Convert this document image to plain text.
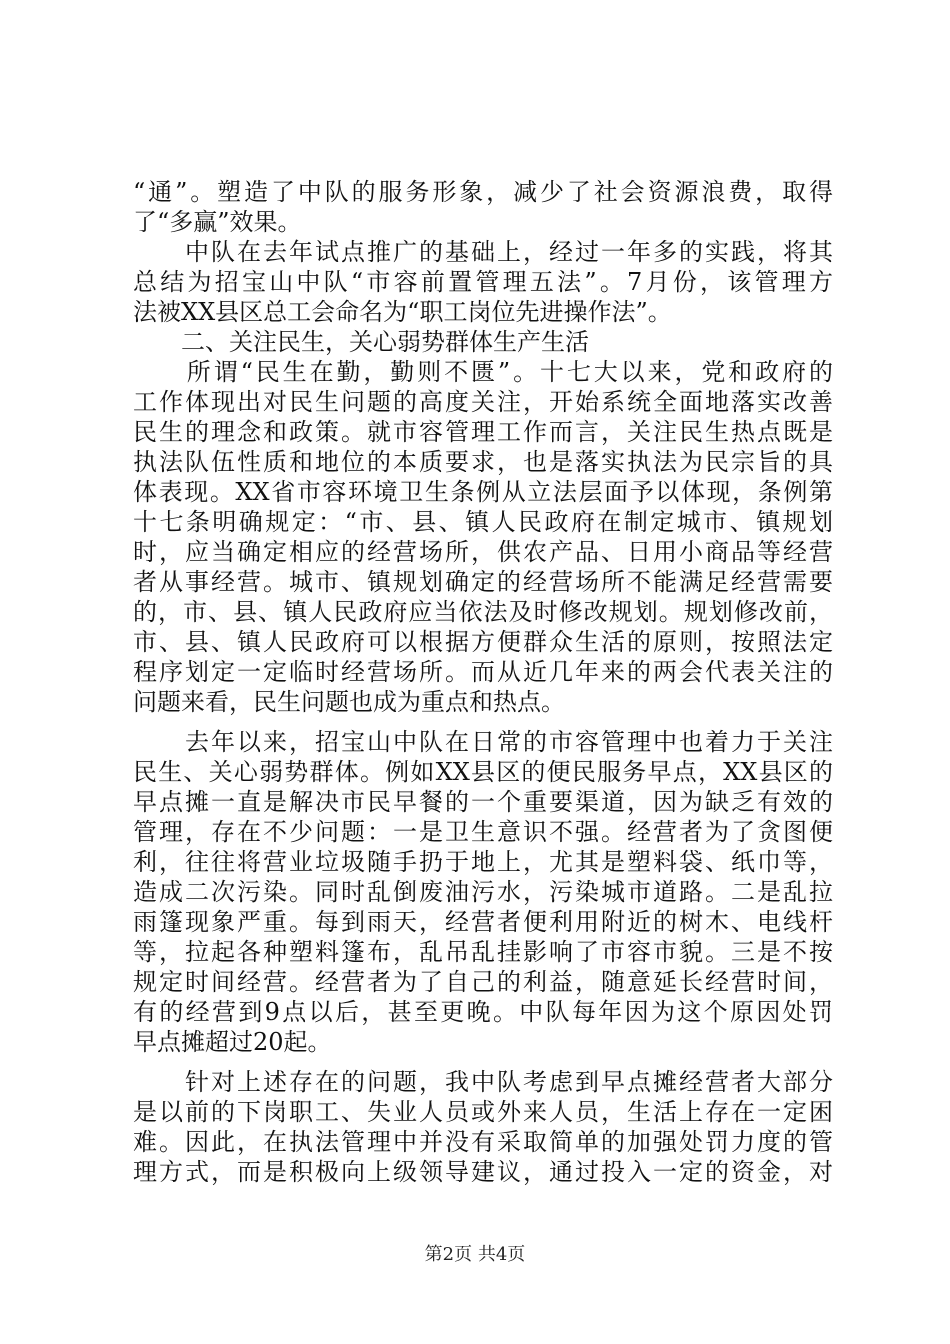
“通”。塑造了中队的服务形象，减少了社会资源浪费，取得
了“多赢”效果。
　　中队在去年试点推广的基础上，经过一年多的实践，将其
总结为招宝山中队“市容前置管理五法”。7月份，该管理方
法被XX县区总工会命名为“职工岗位先进操作法”。
　　二、关注民生，关心弱势群体生产生活
　　所谓“民生在勤，勤则不匮”。十七大以来，党和政府的
工作体现出对民生问题的高度关注，开始系统全面地落实改善
民生的理念和政策。就市容管理工作而言，关注民生热点既是
执法队伍性质和地位的本质要求，也是落实执法为民宗旨的具
体表现。XX省市容环境卫生条例从立法层面予以体现，条例第
十七条明确规定：“市、县、镇人民政府在制定城市、镇规划
时，应当确定相应的经营场所，供农产品、日用小商品等经营
者从事经营。城市、镇规划确定的经营场所不能满足经营需要
的，市、县、镇人民政府应当依法及时修改规划。规划修改前，
市、县、镇人民政府可以根据方便群众生活的原则，按照法定
程序划定一定临时经营场所。而从近几年来的两会代表关注的
问题来看，民生问题也成为重点和热点。
　　去年以来，招宝山中队在日常的市容管理中也着力于关注
民生、关心弱势群体。例如XX县区的便民服务早点，XX县区的
早点摊一直是解决市民早餐的一个重要渠道，因为缺乏有效的
管理，存在不少问题：一是卫生意识不强。经营者为了贪图便
利，往往将营业垃圾随手扔于地上，尤其是塑料袋、纸巾等，
造成二次污染。同时乱倒废油污水，污染城市道路。二是乱拉
雨篷现象严重。每到雨天，经营者便利用附近的树木、电线杆
等，拉起各种塑料篷布，乱吊乱挂影响了市容市貌。三是不按
规定时间经营。经营者为了自己的利益，随意延长经营时间，
有的经营到9点以后，甚至更晚。中队每年因为这个原因处罚
早点摊超过20起。
　　针对上述存在的问题，我中队考虑到早点摊经营者大部分
是以前的下岗职工、失业人员或外来人员，生活上存在一定困
难。因此，在执法管理中并没有采取简单的加强处罚力度的管
理方式，而是积极向上级领导建议，通过投入一定的资金，对
第2页 共4页
